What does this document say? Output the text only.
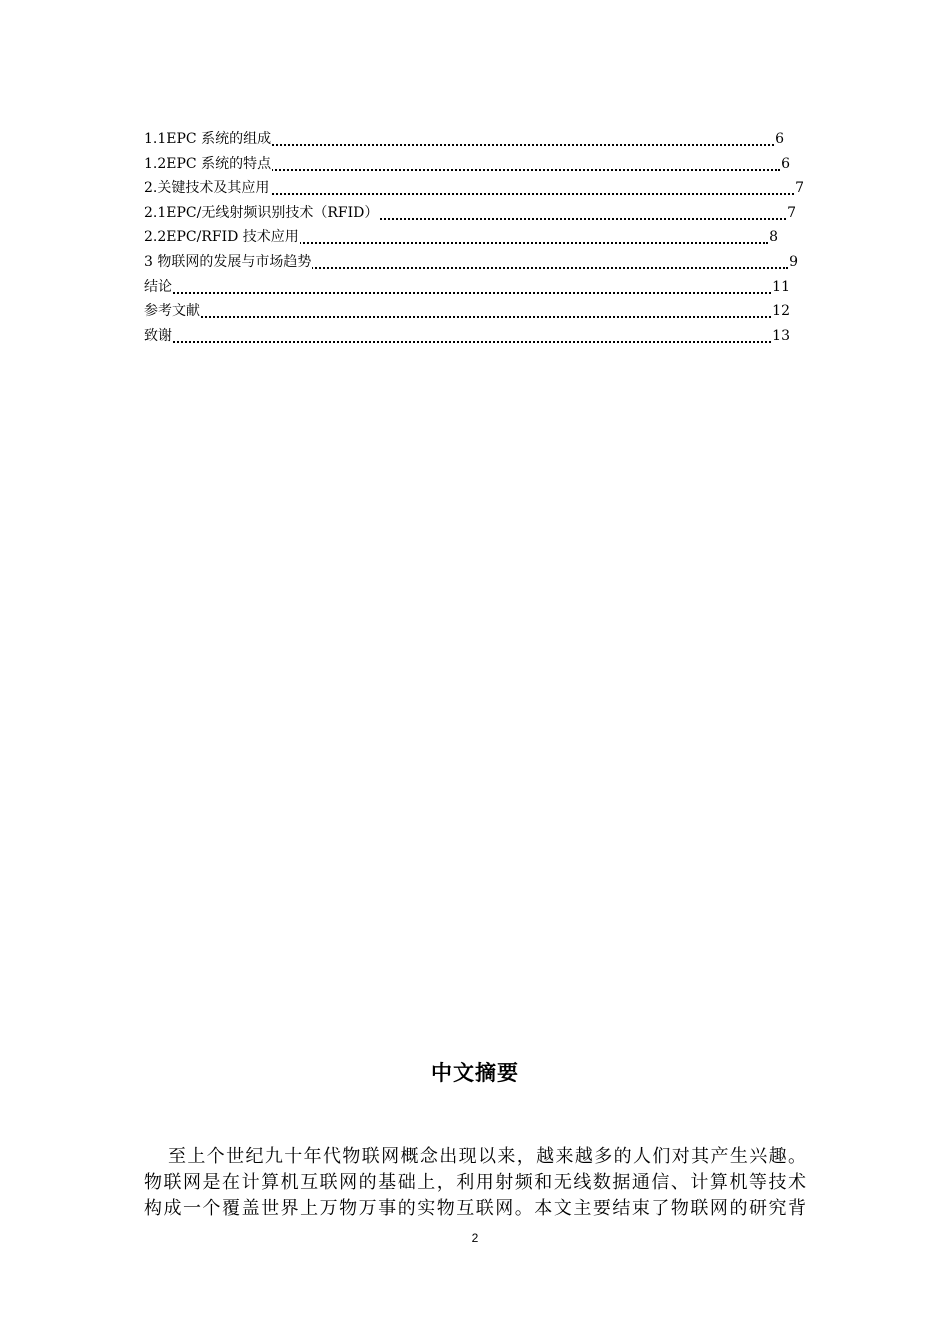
1.1EPC 系统的组成	6
1.2EPC 系统的特点	6
2.关键技术及其应用	7
2.1EPC/无线射频识别技术（RFID）	7
2.2EPC/RFID 技术应用	8
3 物联网的发展与市场趋势	9
结论	11
参考文献	12
致谢	13
中文摘要
至上个世纪九十年代物联网概念出现以来，越来越多的人们对其产生兴趣。
物联网是在计算机互联网的基础上，利用射频和无线数据通信、计算机等技术
构成一个覆盖世界上万物万事的实物互联网。本文主要结束了物联网的研究背
2
